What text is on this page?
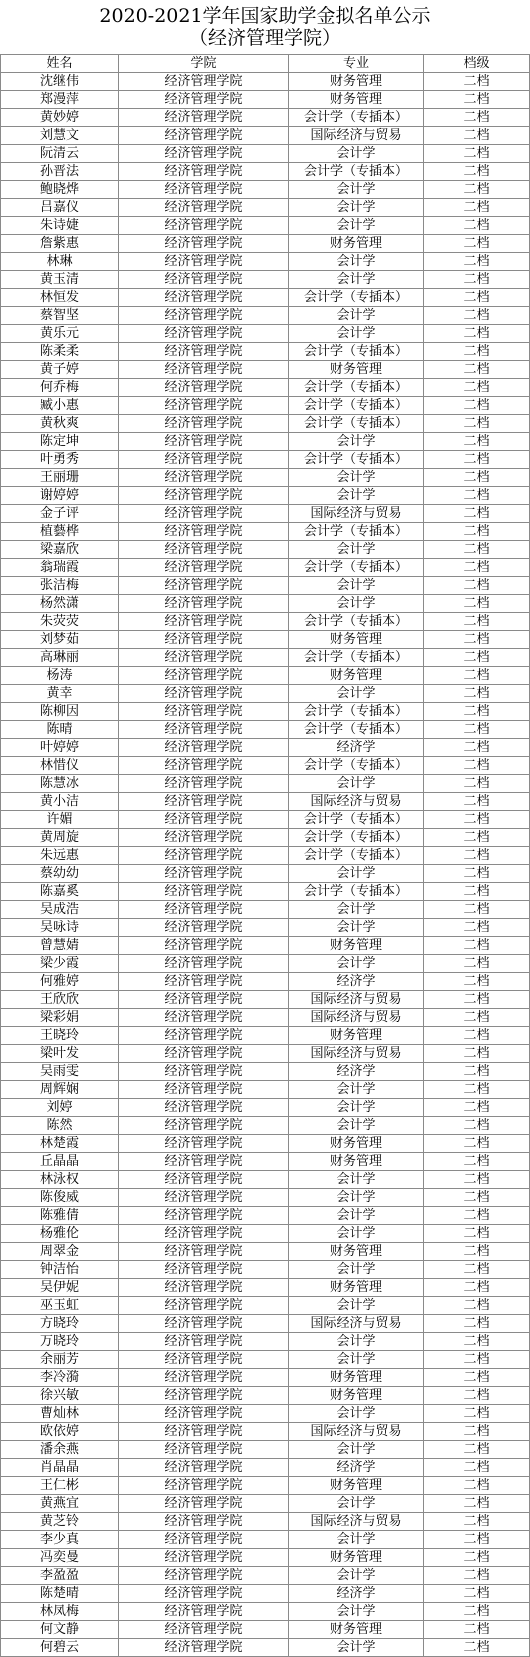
2020-2021学年国家助学金拟名单公示
（经济管理学院）
姓名	学院	专业	档级
沈继伟	经济管理学院	财务管理	二档
郑漫萍	经济管理学院	财务管理	二档
黄妙婷	经济管理学院	会计学（专插本）	二档
刘慧文	经济管理学院	国际经济与贸易	二档
阮清云	经济管理学院	会计学	二档
孙晋法	经济管理学院	会计学（专插本）	二档
鲍晓烨	经济管理学院	会计学	二档
吕嘉仪	经济管理学院	会计学	二档
朱诗婕	经济管理学院	会计学	二档
詹紫惠	经济管理学院	财务管理	二档
林琳	经济管理学院	会计学	二档
黄玉清	经济管理学院	会计学	二档
林恒发	经济管理学院	会计学（专插本）	二档
蔡智坚	经济管理学院	会计学	二档
黄乐元	经济管理学院	会计学	二档
陈柔柔	经济管理学院	会计学（专插本）	二档
黄子婷	经济管理学院	财务管理	二档
何乔梅	经济管理学院	会计学（专插本）	二档
臧小惠	经济管理学院	会计学（专插本）	二档
黄秋爽	经济管理学院	会计学（专插本）	二档
陈定坤	经济管理学院	会计学	二档
叶勇秀	经济管理学院	会计学（专插本）	二档
王丽珊	经济管理学院	会计学	二档
谢婷婷	经济管理学院	会计学	二档
金子评	经济管理学院	国际经济与贸易	二档
植藝桦	经济管理学院	会计学（专插本）	二档
梁嘉欣	经济管理学院	会计学	二档
翁瑞霞	经济管理学院	会计学（专插本）	二档
张洁梅	经济管理学院	会计学	二档
杨然潇	经济管理学院	会计学	二档
朱荧荧	经济管理学院	会计学（专插本）	二档
刘梦茹	经济管理学院	财务管理	二档
高琳丽	经济管理学院	会计学（专插本）	二档
杨涛	经济管理学院	财务管理	二档
黄幸	经济管理学院	会计学	二档
陈柳因	经济管理学院	会计学（专插本）	二档
陈晴	经济管理学院	会计学（专插本）	二档
叶婷婷	经济管理学院	经济学	二档
林惜仪	经济管理学院	会计学（专插本）	二档
陈慧冰	经济管理学院	会计学	二档
黄小洁	经济管理学院	国际经济与贸易	二档
许媚	经济管理学院	会计学（专插本）	二档
黄周旋	经济管理学院	会计学（专插本）	二档
朱远惠	经济管理学院	会计学（专插本）	二档
蔡幼幼	经济管理学院	会计学	二档
陈嘉奚	经济管理学院	会计学（专插本）	二档
吴成浩	经济管理学院	会计学	二档
吴咏诗	经济管理学院	会计学	二档
曾慧婧	经济管理学院	财务管理	二档
梁少霞	经济管理学院	会计学	二档
何雅婷	经济管理学院	经济学	二档
王欣欣	经济管理学院	国际经济与贸易	二档
梁彩娟	经济管理学院	国际经济与贸易	二档
王晓玲	经济管理学院	财务管理	二档
梁叶发	经济管理学院	国际经济与贸易	二档
吴雨雯	经济管理学院	经济学	二档
周辉娴	经济管理学院	会计学	二档
刘婷	经济管理学院	会计学	二档
陈然	经济管理学院	会计学	二档
林楚霞	经济管理学院	财务管理	二档
丘晶晶	经济管理学院	财务管理	二档
林泳权	经济管理学院	会计学	二档
陈俊威	经济管理学院	会计学	二档
陈雅倩	经济管理学院	会计学	二档
杨雅伦	经济管理学院	会计学	二档
周翠金	经济管理学院	财务管理	二档
钟洁怡	经济管理学院	会计学	二档
吴伊妮	经济管理学院	财务管理	二档
巫玉虹	经济管理学院	会计学	二档
方晓玲	经济管理学院	国际经济与贸易	二档
万晓玲	经济管理学院	会计学	二档
余丽芳	经济管理学院	会计学	二档
李冷漪	经济管理学院	财务管理	二档
徐兴敏	经济管理学院	财务管理	二档
曹灿林	经济管理学院	会计学	二档
欧依婷	经济管理学院	国际经济与贸易	二档
潘余燕	经济管理学院	会计学	二档
肖晶晶	经济管理学院	经济学	二档
王仁彬	经济管理学院	财务管理	二档
黄燕宜	经济管理学院	会计学	二档
黄芝铃	经济管理学院	国际经济与贸易	二档
李少真	经济管理学院	会计学	二档
冯奕曼	经济管理学院	财务管理	二档
李盈盈	经济管理学院	会计学	二档
陈楚晴	经济管理学院	经济学	二档
林凤梅	经济管理学院	会计学	二档
何文静	经济管理学院	财务管理	二档
何碧云	经济管理学院	会计学	二档
